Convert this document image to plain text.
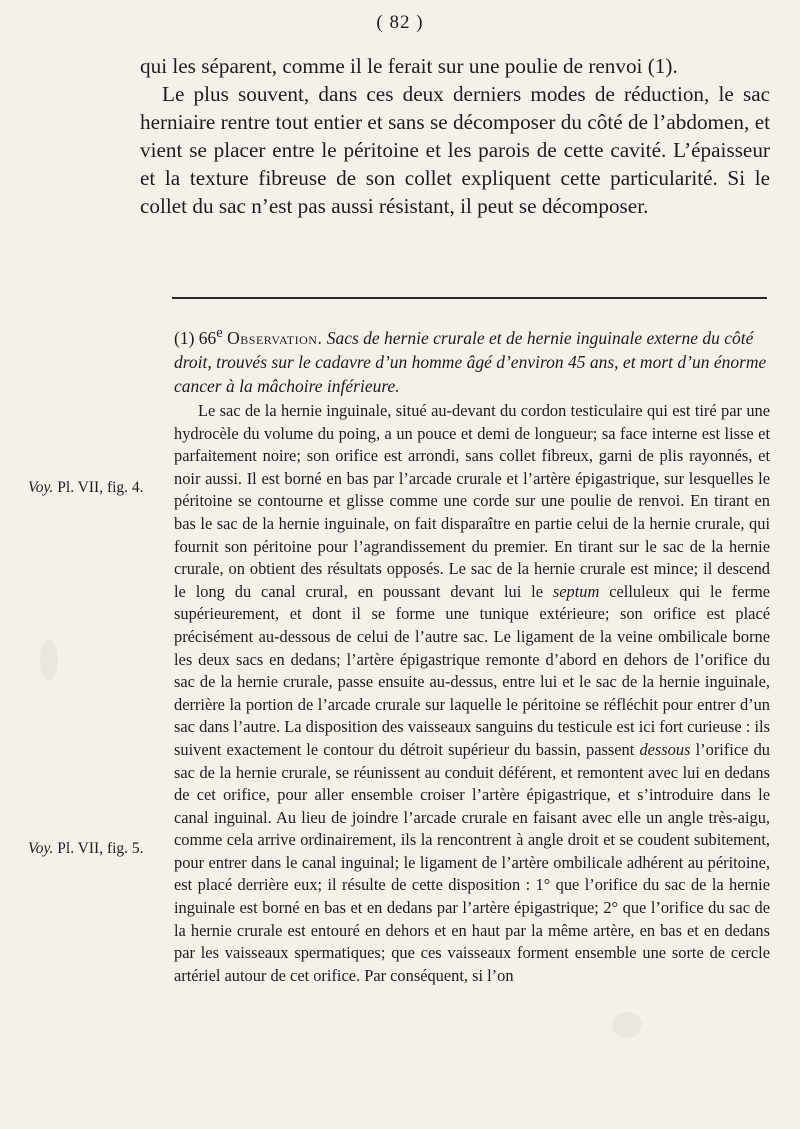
( 82 )

qui les séparent, comme il le ferait sur une poulie de renvoi (1).

Le plus souvent, dans ces deux derniers modes de réduction, le sac herniaire rentre tout entier et sans se décomposer du côté de l’abdomen, et vient se placer entre le péritoine et les parois de cette cavité. L’épaisseur et la texture fibreuse de son collet expliquent cette particularité. Si le collet du sac n’est pas aussi résistant, il peut se décomposer.

(1) 66e Observation. Sacs de hernie crurale et de hernie inguinale externe du côté droit, trouvés sur le cadavre d’un homme âgé d’environ 45 ans, et mort d’un énorme cancer à la mâchoire inférieure.

Le sac de la hernie inguinale, situé au-devant du cordon testiculaire qui est tiré par une hydrocèle du volume du poing, a un pouce et demi de longueur; sa face interne est lisse et parfaitement noire; son orifice est arrondi, sans collet fibreux, garni de plis rayonnés, et noir aussi. Il est borné en bas par l’arcade crurale et l’artère épigastrique, sur lesquelles le péritoine se contourne et glisse comme une corde sur une poulie de renvoi. En tirant en bas le sac de la hernie inguinale, on fait disparaître en partie celui de la hernie crurale, qui fournit son péritoine pour l’agrandissement du premier. En tirant sur le sac de la hernie crurale, on obtient des résultats opposés. Le sac de la hernie crurale est mince; il descend le long du canal crural, en poussant devant lui le septum celluleux qui le ferme supérieurement, et dont il se forme une tunique extérieure; son orifice est placé précisément au-dessous de celui de l’autre sac. Le ligament de la veine ombilicale borne les deux sacs en dedans; l’artère épigastrique remonte d’abord en dehors de l’orifice du sac de la hernie crurale, passe ensuite au-dessus, entre lui et le sac de la hernie inguinale, derrière la portion de l’arcade crurale sur laquelle le péritoine se réfléchit pour entrer d’un sac dans l’autre. La disposition des vaisseaux sanguins du testicule est ici fort curieuse : ils suivent exactement le contour du détroit supérieur du bassin, passent dessous l’orifice du sac de la hernie crurale, se réunissent au conduit déférent, et remontent avec lui en dedans de cet orifice, pour aller ensemble croiser l’artère épigastrique, et s’introduire dans le canal inguinal. Au lieu de joindre l’arcade crurale en faisant avec elle un angle très-aigu, comme cela arrive ordinairement, ils la rencontrent à angle droit et se coudent subitement, pour entrer dans le canal inguinal; le ligament de l’artère ombilicale adhérent au péritoine, est placé derrière eux; il résulte de cette disposition : 1° que l’orifice du sac de la hernie inguinale est borné en bas et en dedans par l’artère épigastrique; 2° que l’orifice du sac de la hernie crurale est entouré en dehors et en haut par la même artère, en bas et en dedans par les vaisseaux spermatiques; que ces vaisseaux forment ensemble une sorte de cercle artériel autour de cet orifice. Par conséquent, si l’on

Voy. Pl. VII, fig. 4.
Voy. Pl. VII, fig. 5.
